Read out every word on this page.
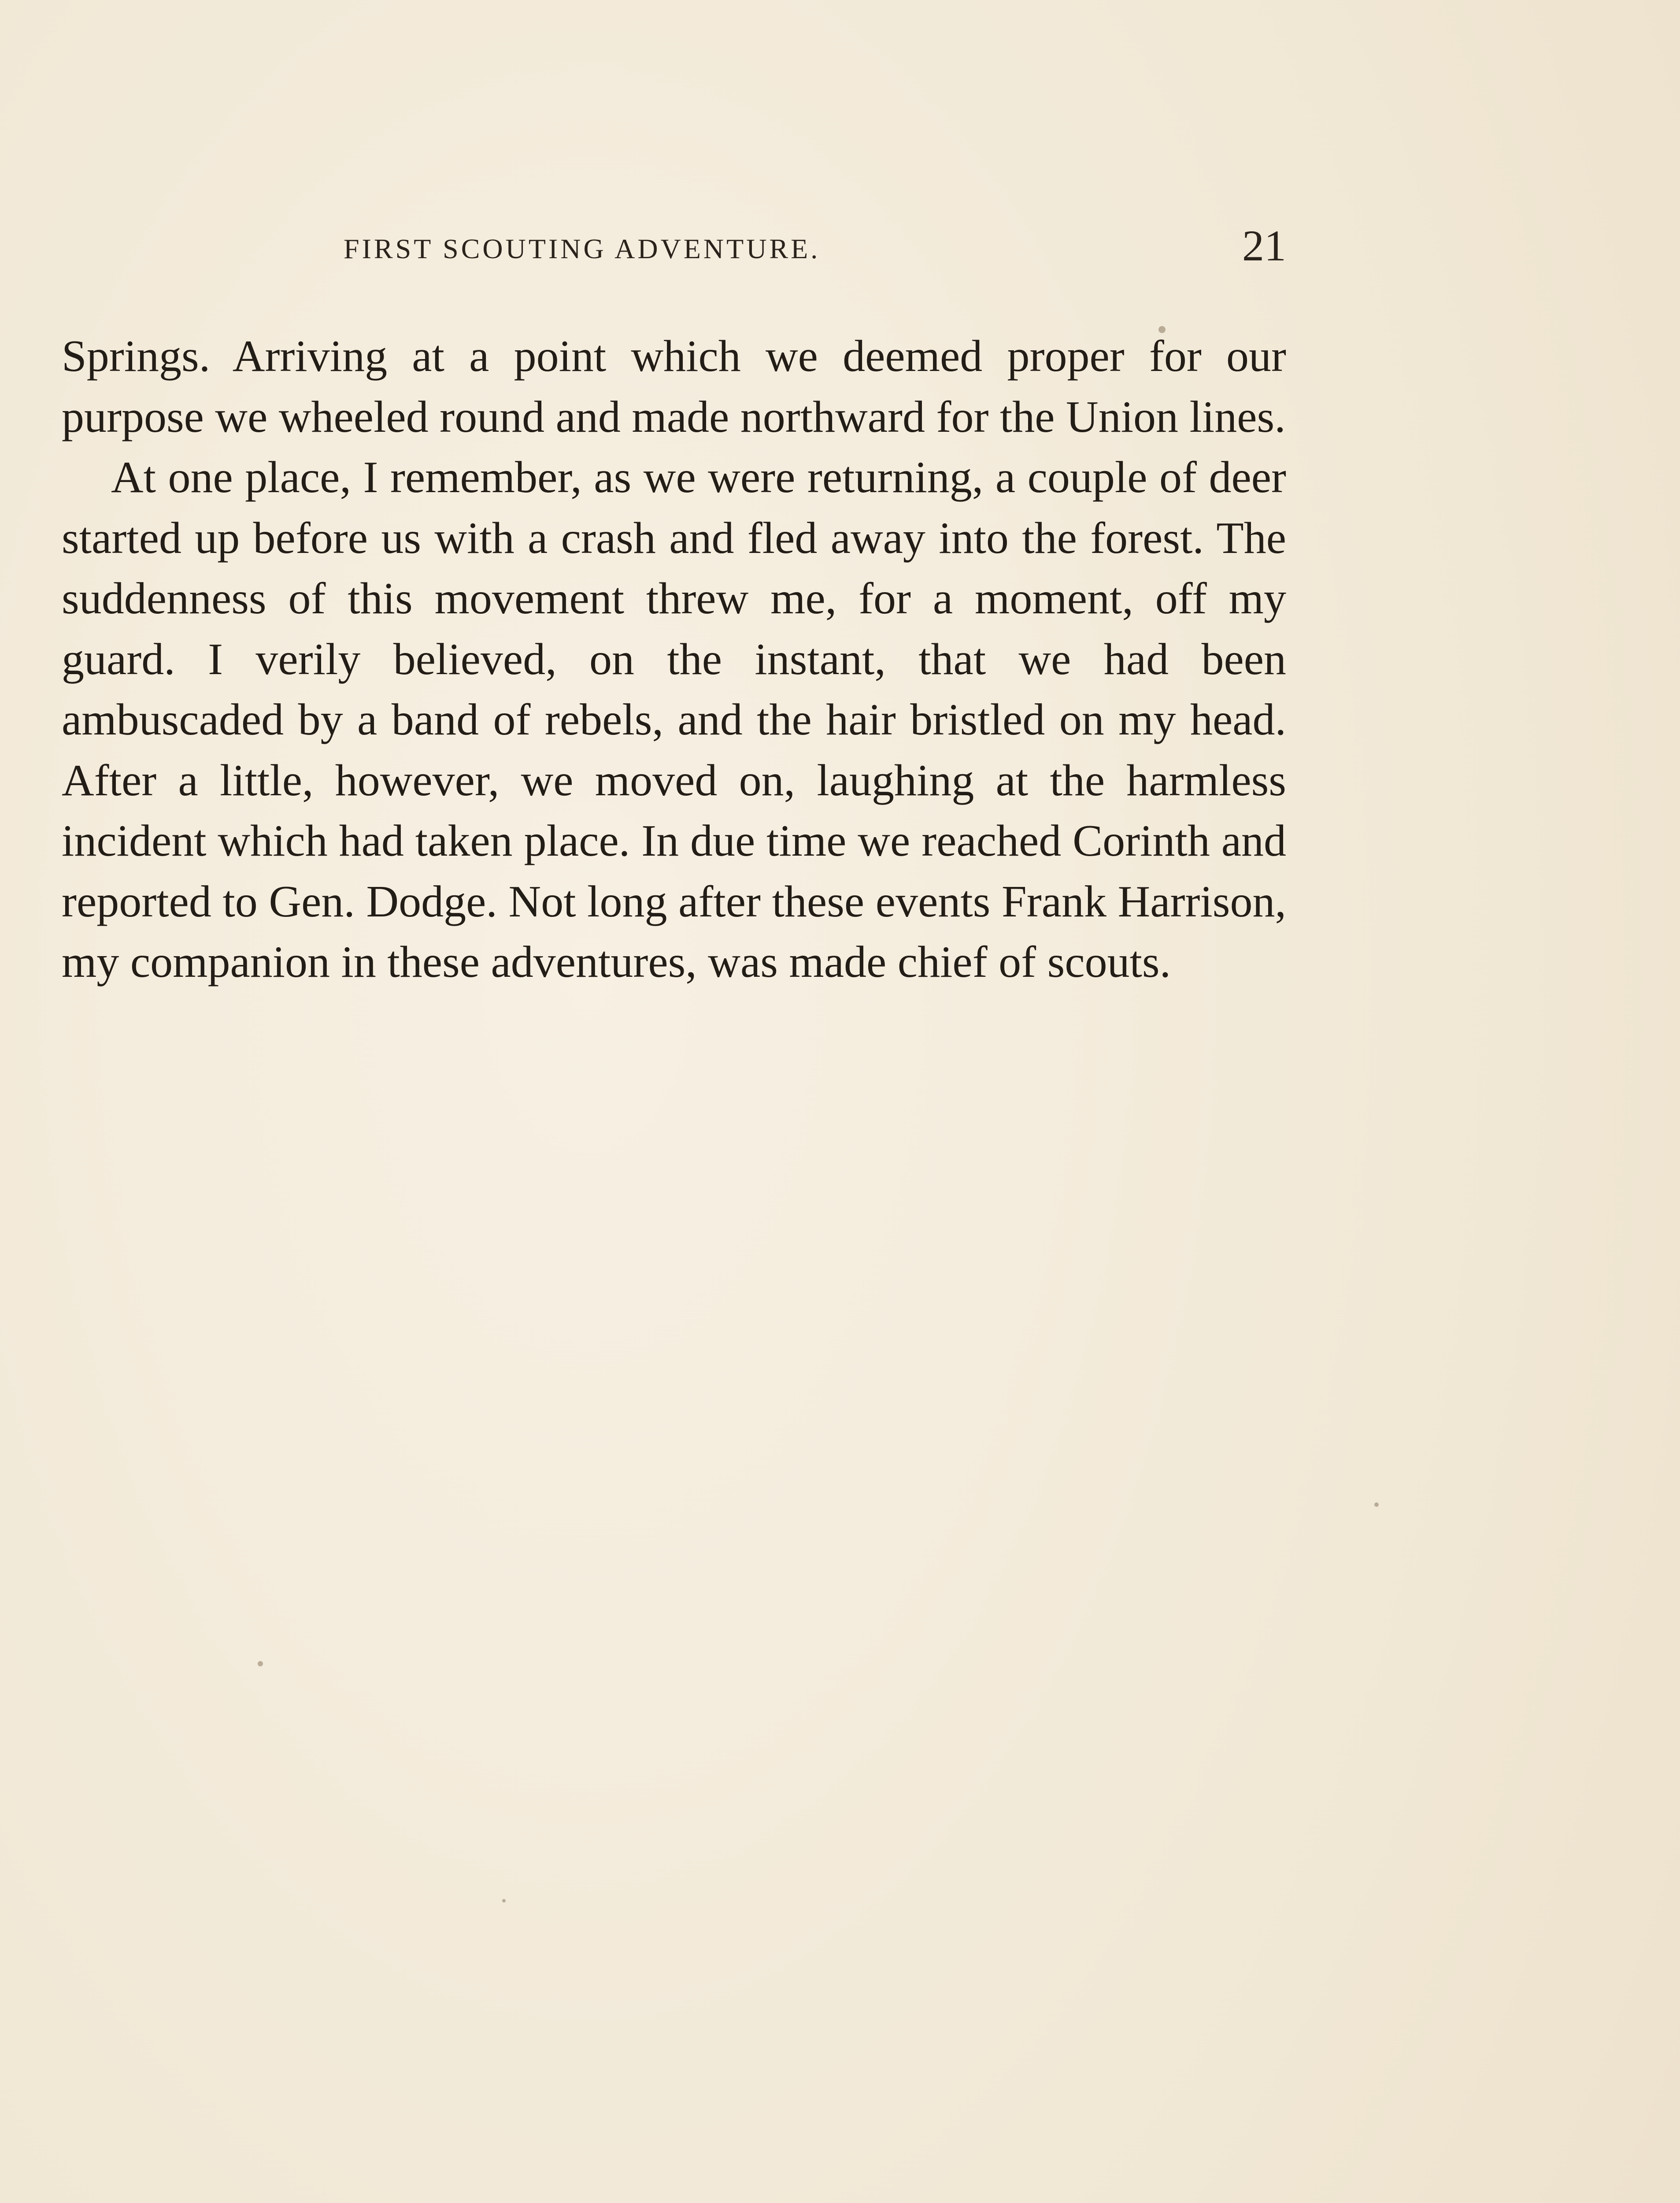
FIRST SCOUTING ADVENTURE.	21

Springs. Arriving at a point which we deemed proper for our purpose we wheeled round and made northward for the Union lines.

At one place, I remember, as we were returning, a couple of deer started up before us with a crash and fled away into the forest. The suddenness of this movement threw me, for a moment, off my guard. I verily believed, on the instant, that we had been ambuscaded by a band of rebels, and the hair bristled on my head. After a little, however, we moved on, laughing at the harmless incident which had taken place. In due time we reached Corinth and reported to Gen. Dodge. Not long after these events Frank Harrison, my companion in these adventures, was made chief of scouts.
